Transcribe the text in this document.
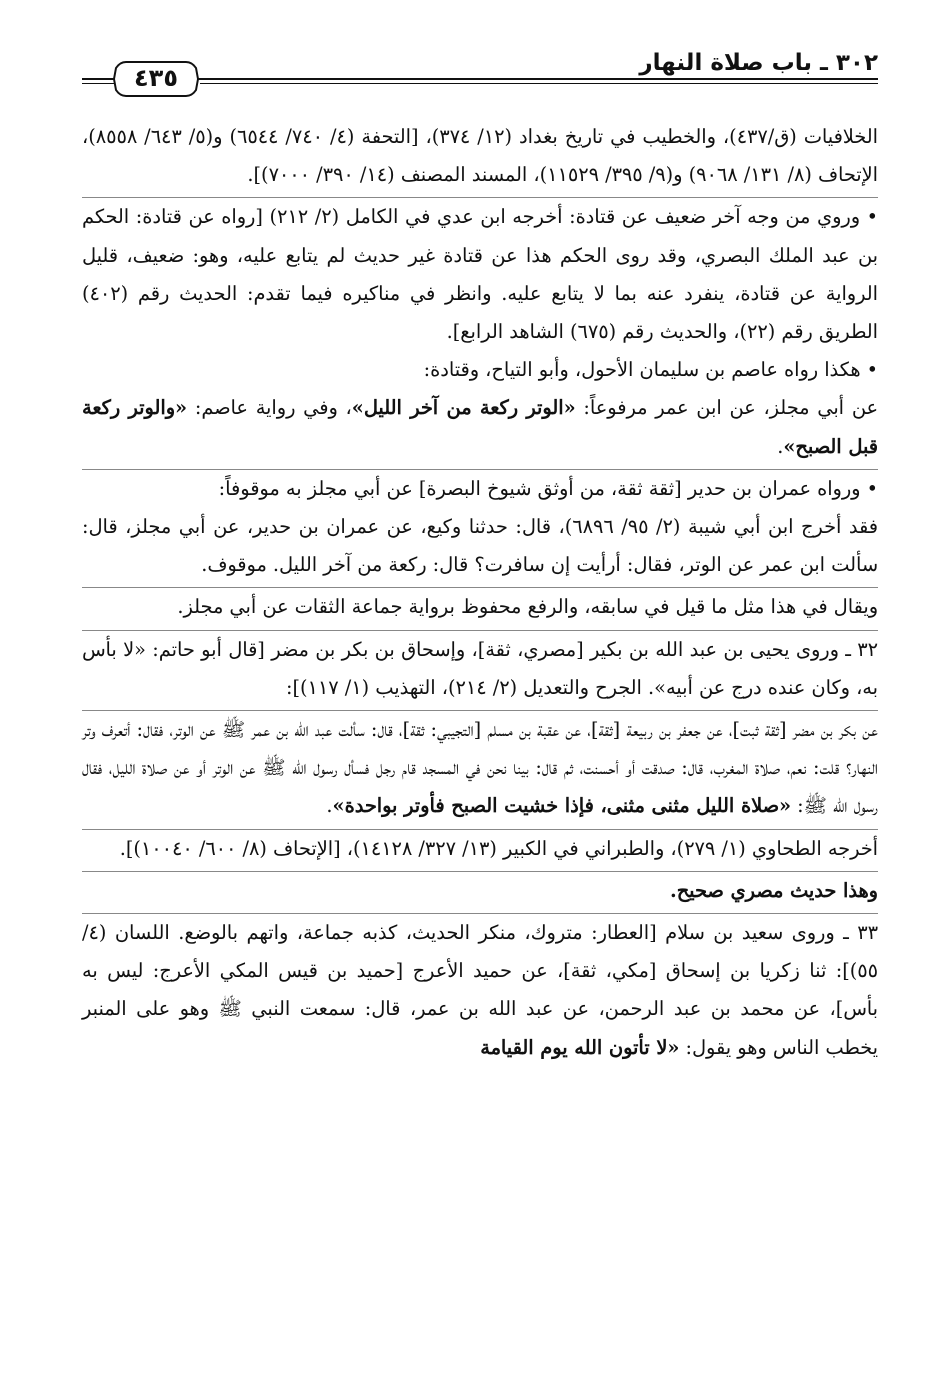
٣٠٢ ـ باب صلاة النهار
٤٣٥

الخلافيات (ق/٤٣٧)، والخطيب في تاريخ بغداد (١٢/ ٣٧٤)، [التحفة (٤/ ٧٤٠/ ٦٥٤٤) و(٥/ ٦٤٣/ ٨٥٥٨)، الإتحاف (٨/ ١٣١/ ٩٠٦٨) و(٩/ ٣٩٥/ ١١٥٢٩)، المسند المصنف (١٤/ ٣٩٠/ ٧٠٠٠)].

• وروي من وجه آخر ضعيف عن قتادة: أخرجه ابن عدي في الكامل (٢/ ٢١٢) [رواه عن قتادة: الحكم بن عبد الملك البصري، وقد روى الحكم هذا عن قتادة غير حديث لم يتابع عليه، وهو: ضعيف، قليل الرواية عن قتادة، ينفرد عنه بما لا يتابع عليه. وانظر في مناكيره فيما تقدم: الحديث رقم (٤٠٢) الطريق رقم (٢٢)، والحديث رقم (٦٧٥) الشاهد الرابع].

• هكذا رواه عاصم بن سليمان الأحول، وأبو التياح، وقتادة:

عن أبي مجلز، عن ابن عمر مرفوعاً: «الوتر ركعة من آخر الليل»، وفي رواية عاصم: «والوتر ركعة قبل الصبح».

• ورواه عمران بن حدير [ثقة ثقة، من أوثق شيوخ البصرة] عن أبي مجلز به موقوفاً:

فقد أخرج ابن أبي شيبة (٢/ ٩٥/ ٦٨٩٦)، قال: حدثنا وكيع، عن عمران بن حدير، عن أبي مجلز، قال: سألت ابن عمر عن الوتر، فقال: أرأيت إن سافرت؟ قال: ركعة من آخر الليل. موقوف.

ويقال في هذا مثل ما قيل في سابقه، والرفع محفوظ برواية جماعة الثقات عن أبي مجلز.

٣٢ ـ وروى يحيى بن عبد الله بن بكير [مصري، ثقة]، وإسحاق بن بكر بن مضر [قال أبو حاتم: «لا بأس به، وكان عنده درج عن أبيه». الجرح والتعديل (٢/ ٢١٤)، التهذيب (١/ ١١٧)]:

عن بكر بن مضر [ثقة ثبت]، عن جعفر بن ربيعة [ثقة]، عن عقبة بن مسلم [التجيبي: ثقة]، قال: سألت عبد الله بن عمر ﷺ عن الوتر، فقال: أتعرف وتر النهار؟ قلت: نعم، صلاة المغرب، قال: صدقت أو أحسنت، ثم قال: بينا نحن في المسجد قام رجل فسأل رسول الله ﷺ عن الوتر أو عن صلاة الليل، فقال رسول الله ﷺ: «صلاة الليل مثنى مثنى، فإذا خشيت الصبح فأوتر بواحدة».

أخرجه الطحاوي (١/ ٢٧٩)، والطبراني في الكبير (١٣/ ٣٢٧/ ١٤١٢٨)، [الإتحاف (٨/ ٦٠٠/ ١٠٠٤٠)].

وهذا حديث مصري صحيح.

٣٣ ـ وروى سعيد بن سلام [العطار: متروك، منكر الحديث، كذبه جماعة، واتهم بالوضع. اللسان (٤/ ٥٥)]: ثنا زكريا بن إسحاق [مكي، ثقة]، عن حميد الأعرج [حميد بن قيس المكي الأعرج: ليس به بأس]، عن محمد بن عبد الرحمن، عن عبد الله بن عمر، قال: سمعت النبي ﷺ وهو على المنبر يخطب الناس وهو يقول: «لا تأتون الله يوم القيامة
